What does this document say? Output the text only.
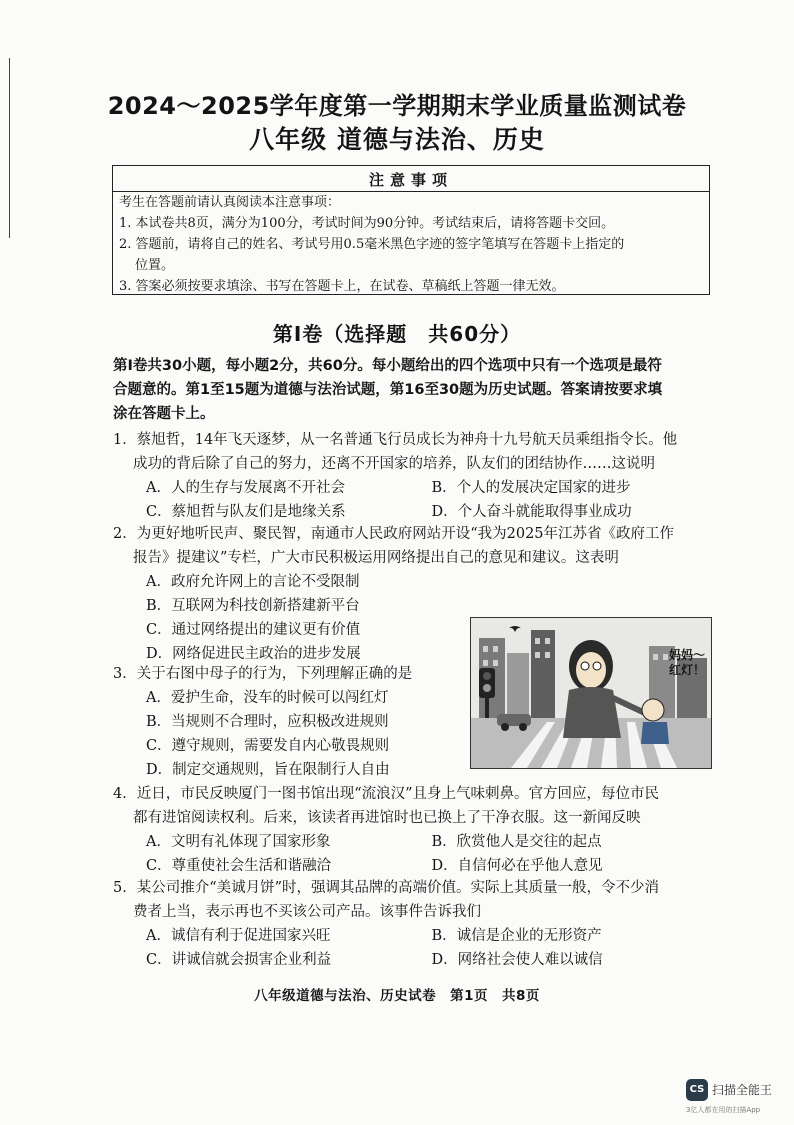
2024～2025学年度第一学期期末学业质量监测试卷
八年级 道德与法治、历史
注意事项
考生在答题前请认真阅读本注意事项：
1. 本试卷共8页，满分为100分，考试时间为90分钟。考试结束后，请将答题卡交回。
2. 答题前，请将自己的姓名、考试号用0.5毫米黑色字迹的签字笔填写在答题卡上指定的
位置。
3. 答案必须按要求填涂、书写在答题卡上，在试卷、草稿纸上答题一律无效。
第Ⅰ卷（选择题　共60分）
第Ⅰ卷共30小题，每小题2分，共60分。每小题给出的四个选项中只有一个选项是最符
合题意的。第1至15题为道德与法治试题，第16至30题为历史试题。答案请按要求填
涂在答题卡上。
1．蔡旭哲，14年飞天逐梦，从一名普通飞行员成长为神舟十九号航天员乘组指令长。他
成功的背后除了自己的努力，还离不开国家的培养，队友们的团结协作……这说明
A．人的生存与发展离不开社会	B．个人的发展决定国家的进步
C．蔡旭哲与队友们是地缘关系	D．个人奋斗就能取得事业成功
2．为更好地听民声、聚民智，南通市人民政府网站开设“我为2025年江苏省《政府工作
报告》提建议”专栏，广大市民积极运用网络提出自己的意见和建议。这表明
A．政府允许网上的言论不受限制
B．互联网为科技创新搭建新平台
C．通过网络提出的建议更有价值
D．网络促进民主政治的进步发展
3．关于右图中母子的行为，下列理解正确的是
A．爱护生命，没车的时候可以闯红灯
B．当规则不合理时，应积极改进规则
C．遵守规则，需要发自内心敬畏规则
D．制定交通规则，旨在限制行人自由
妈妈～
红灯！
4．近日，市民反映厦门一图书馆出现“流浪汉”且身上气味刺鼻。官方回应，每位市民
都有进馆阅读权利。后来，该读者再进馆时也已换上了干净衣服。这一新闻反映
A．文明有礼体现了国家形象	B．欣赏他人是交往的起点
C．尊重使社会生活和谐融洽	D．自信何必在乎他人意见
5．某公司推介“美诚月饼”时，强调其品牌的高端价值。实际上其质量一般，令不少消
费者上当，表示再也不买该公司产品。该事件告诉我们
A．诚信有利于促进国家兴旺	B．诚信是企业的无形资产
C．讲诚信就会损害企业利益	D．网络社会使人难以诚信
八年级道德与法治、历史试卷　第1页　共8页
CS 扫描全能王
3亿人都在用的扫描App
